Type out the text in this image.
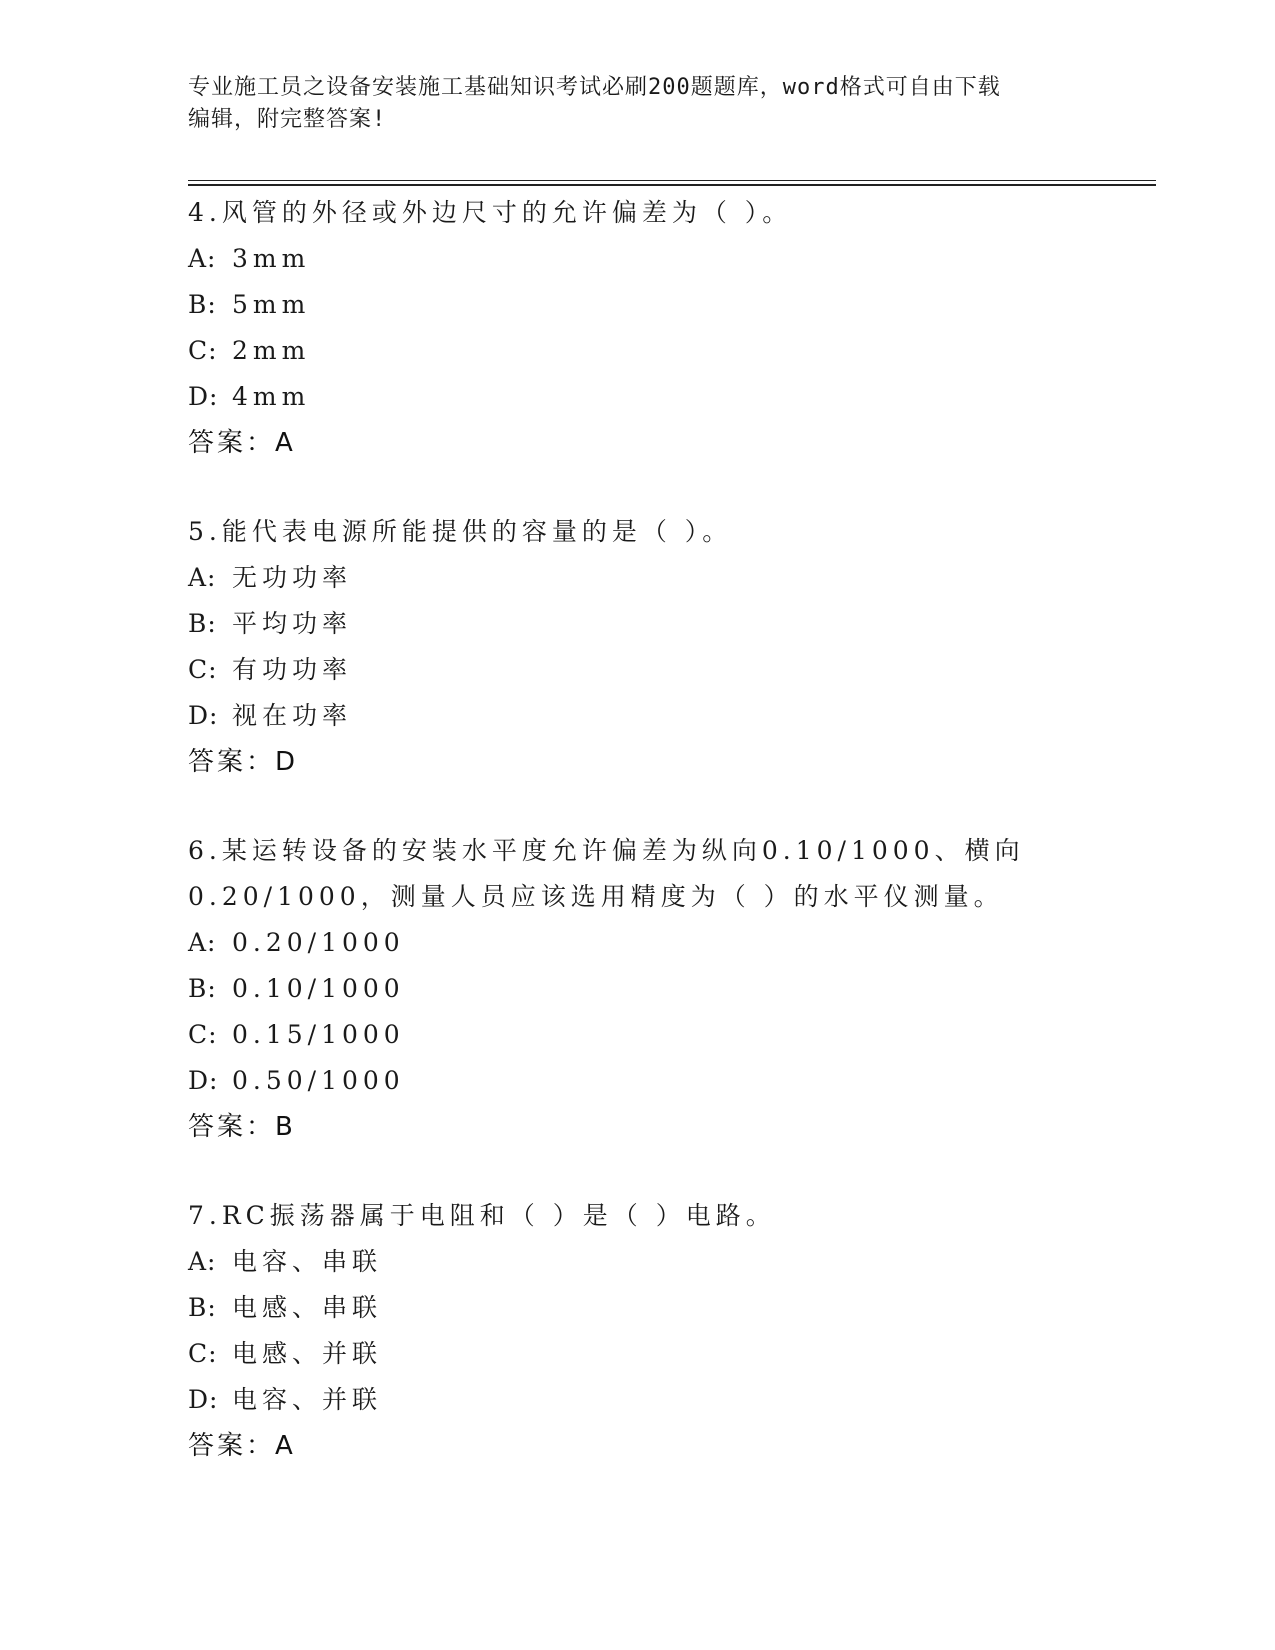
专业施工员之设备安装施工基础知识考试必刷200题题库，word格式可自由下载
编辑，附完整答案!
4.风管的外径或外边尺寸的允许偏差为（ ）。
A: 3mm
B: 5mm
C: 2mm
D: 4mm
答案：A
5.能代表电源所能提供的容量的是（ ）。
A: 无功功率
B: 平均功率
C: 有功功率
D: 视在功率
答案：D
6.某运转设备的安装水平度允许偏差为纵向0.10/1000、横向
0.20/1000，测量人员应该选用精度为（ ）的水平仪测量。
A: 0.20/1000
B: 0.10/1000
C: 0.15/1000
D: 0.50/1000
答案：B
7.RC振荡器属于电阻和（ ）是（ ）电路。
A: 电容、串联
B: 电感、串联
C: 电感、并联
D: 电容、并联
答案：A
